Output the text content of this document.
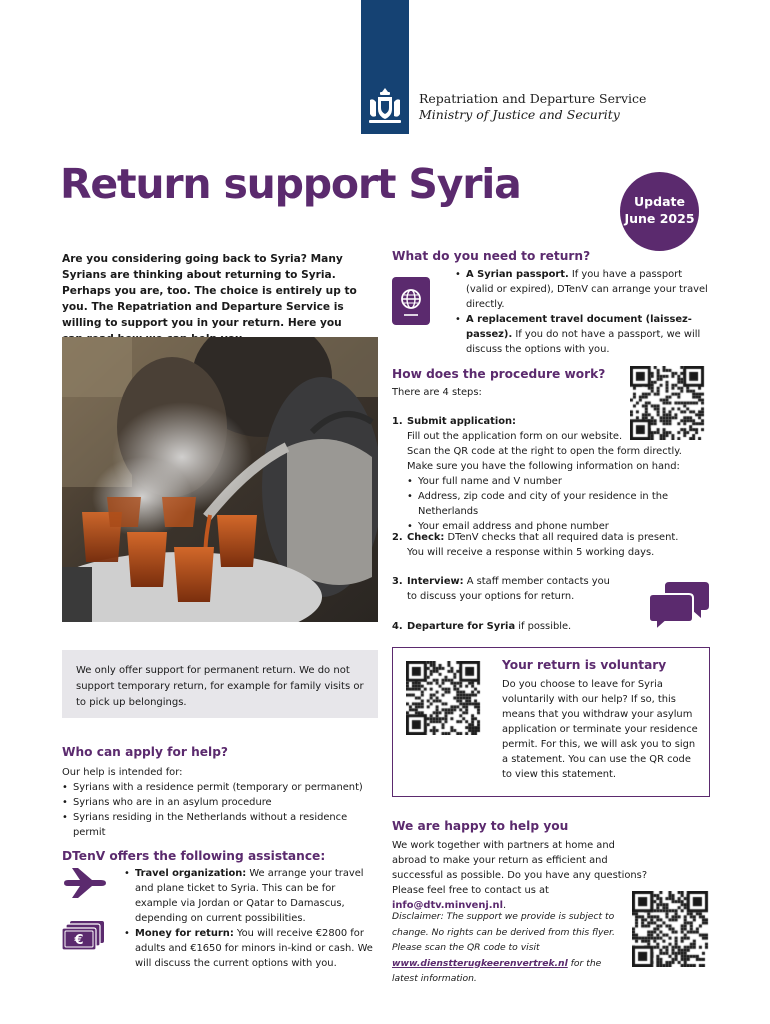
Repatriation and Departure Service
Ministry of Justice and Security
Return support Syria	Update
June 2025

Are you considering going back to Syria? Many Syrians are thinking about returning to Syria. Perhaps you are, too. The choice is entirely up to you. The Repatriation and Departure Service is willing to support you in your return. Here you

We only offer support for permanent return. We do not support temporary return, for example for family visits or to pick up belongings.

Who can apply for help?

Our help is intended for:

• Syrians with a residence permit (temporary or permanent)
• Syrians who are in an asylum procedure
• Syrians residing in the Netherlands without a residence permit
DTenV offers the following assistance:
€
• Travel organization: We arrange your travel and plane ticket to Syria. This can be for example via Jordan or Qatar to Damascus, depending on current possibilities.
• Money for return: You will receive €2800 for adults and €1650 for minors in-kind or cash. We will discuss the current options with you.
What do you need to return?
• A Syrian passport. If you have a passport (valid or expired), DTenV can arrange your travel directly.
• A replacement travel document (laissez-passez). If you do not have a passport, we will discuss the options with you.
How does the procedure work?

There are 4 steps:

1. Submit application:
Fill out the application form on our website.
Scan the QR code at the right to open the form directly.
Make sure you have the following information on hand:
• Your full name and V number
• Address, zip code and city of your residence in the Netherlands
• Your email address and phone number
2. Check: DTenV checks that all required data is present.
You will receive a response within 5 working days.
3. Interview: A staff member contacts you
to discuss your options for return.
4. Departure for Syria if possible.
Your return is voluntary

Do you choose to leave for Syria voluntarily with our help? If so, this means that you withdraw your asylum application or terminate your residence permit. For this, we will ask you to sign a statement. You can use the QR code to view this statement.

We are happy to help you

We work together with partners at home and abroad to make your return as efficient and successful as possible. Do you have any questions? Please feel free to contact us at info@dtv.minvenj.nl.

Disclaimer: The support we provide is subject to change. No rights can be derived from this flyer. Please scan the QR code to visit www.dienstterugkeerenvertrek.nl for the latest information.
